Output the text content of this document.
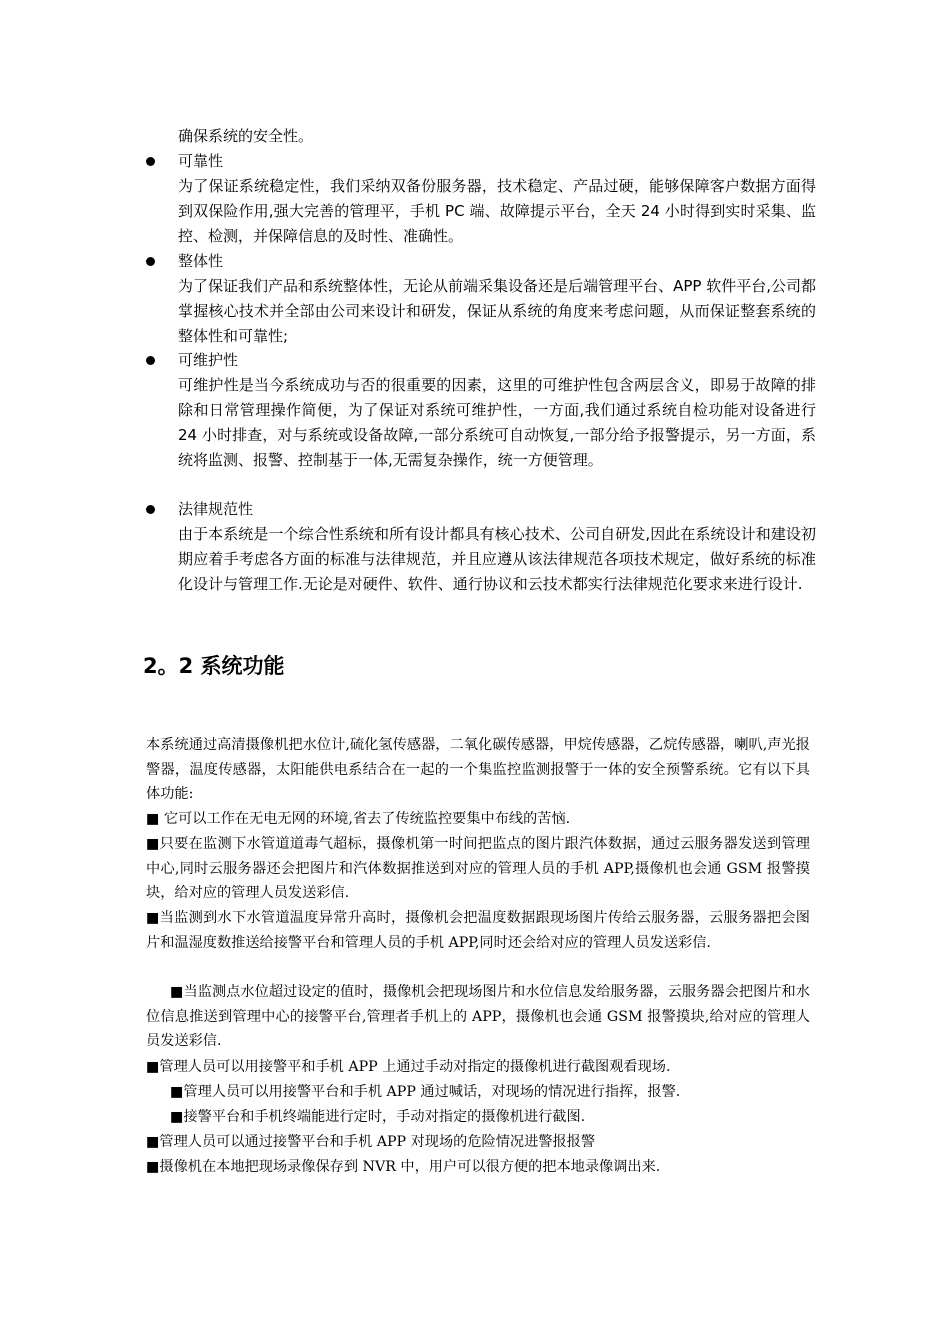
确保系统的安全性。
可靠性
为了保证系统稳定性，我们采纳双备份服务器，技术稳定、产品过硬，能够保障客户数据方面得到双保险作用,强大完善的管理平，手机 PC 端、故障提示平台，全天 24 小时得到实时采集、监控、检测，并保障信息的及时性、准确性。
整体性
为了保证我们产品和系统整体性，无论从前端采集设备还是后端管理平台、APP 软件平台,公司都掌握核心技术并全部由公司来设计和研发，保证从系统的角度来考虑问题，从而保证整套系统的整体性和可靠性;
可维护性
可维护性是当今系统成功与否的很重要的因素，这里的可维护性包含两层含义，即易于故障的排除和日常管理操作简便，为了保证对系统可维护性，一方面,我们通过系统自检功能对设备进行 24 小时排查，对与系统或设备故障,一部分系统可自动恢复,一部分给予报警提示，另一方面，系统将监测、报警、控制基于一体,无需复杂操作，统一方便管理。
法律规范性
由于本系统是一个综合性系统和所有设计都具有核心技术、公司自研发,因此在系统设计和建设初期应着手考虑各方面的标准与法律规范，并且应遵从该法律规范各项技术规定，做好系统的标准化设计与管理工作.无论是对硬件、软件、通行协议和云技术都实行法律规范化要求来进行设计.
2。2 系统功能
本系统通过高清摄像机把水位计,硫化氢传感器，二氧化碳传感器，甲烷传感器，乙烷传感器，喇叭,声光报警器，温度传感器，太阳能供电系结合在一起的一个集监控监测报警于一体的安全预警系统。它有以下具体功能:
■ 它可以工作在无电无网的环境,省去了传统监控要集中布线的苦恼.
■只要在监测下水管道道毒气超标，摄像机第一时间把监点的图片跟汽体数据，通过云服务器发送到管理中心,同时云服务器还会把图片和汽体数据推送到对应的管理人员的手机 APP,摄像机也会通 GSM 报警摸块，给对应的管理人员发送彩信.
■当监测到水下水管道温度异常升高时，摄像机会把温度数据跟现场图片传给云服务器，云服务器把会图片和温湿度数推送给接警平台和管理人员的手机 APP,同时还会给对应的管理人员发送彩信.
■当监测点水位超过设定的值时，摄像机会把现场图片和水位信息发给服务器，云服务器会把图片和水位信息推送到管理中心的接警平台,管理者手机上的 APP，摄像机也会通 GSM 报警摸块,给对应的管理人员发送彩信.
■管理人员可以用接警平和手机 APP 上通过手动对指定的摄像机进行截图观看现场.
■管理人员可以用接警平台和手机 APP 通过喊话，对现场的情况进行指挥，报警.
■接警平台和手机终端能进行定时，手动对指定的摄像机进行截图.
■管理人员可以通过接警平台和手机 APP 对现场的危险情况进警报报警
■摄像机在本地把现场录像保存到 NVR 中，用户可以很方便的把本地录像调出来.
